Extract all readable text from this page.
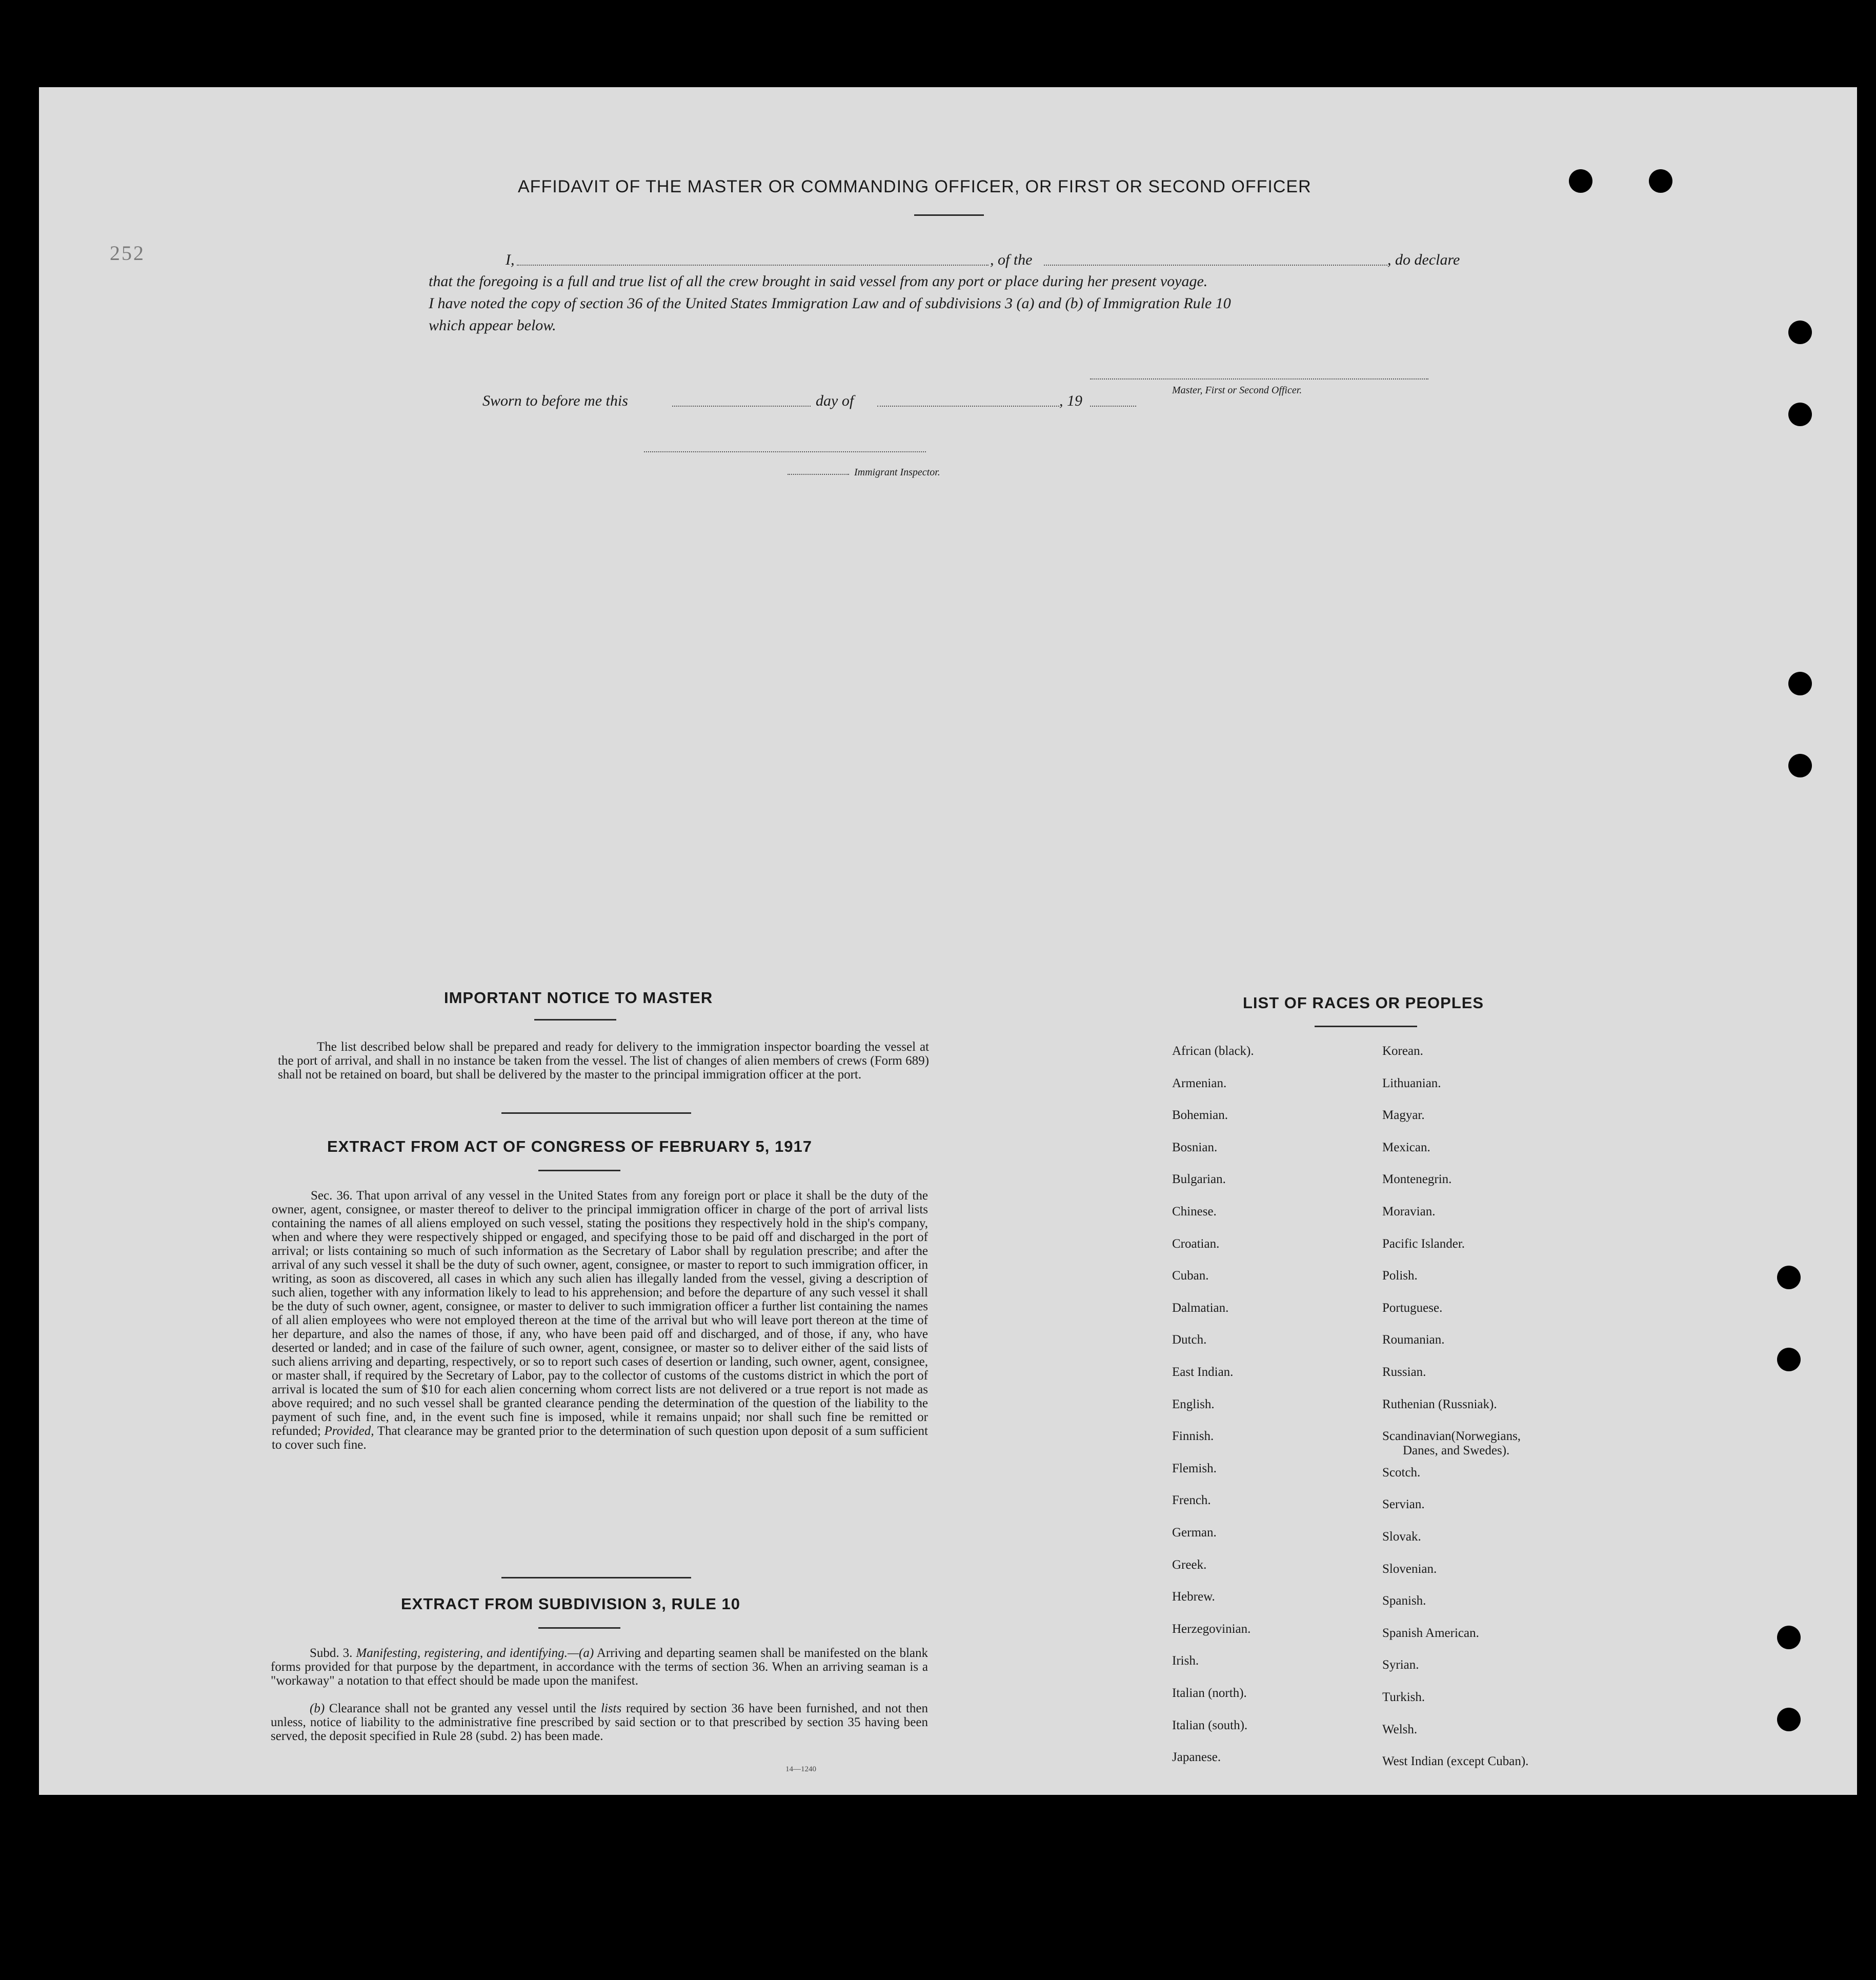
252
AFFIDAVIT OF THE MASTER OR COMMANDING OFFICER, OR FIRST OR SECOND OFFICER
I,	, of the	, do declare
that the foregoing is a full and true list of all the crew brought in said vessel from any port or place during her present voyage.
I have noted the copy of section 36 of the United States Immigration Law and of subdivisions 3 (a) and (b) of Immigration Rule 10
which appear below.
Master, First or Second Officer.
Sworn to before me this	day of	, 19
Immigrant Inspector.
IMPORTANT NOTICE TO MASTER
The list described below shall be prepared and ready for delivery to the immigration inspector boarding the vessel at the port of arrival, and shall in no instance be taken from the vessel. The list of changes of alien members of crews (Form 689) shall not be retained on board, but shall be delivered by the master to the principal immigration officer at the port.
EXTRACT FROM ACT OF CONGRESS OF FEBRUARY 5, 1917
Sec. 36. That upon arrival of any vessel in the United States from any foreign port or place it shall be the duty of the owner, agent, consignee, or master thereof to deliver to the principal immigration officer in charge of the port of arrival lists containing the names of all aliens employed on such vessel, stating the positions they respectively hold in the ship's company, when and where they were respectively shipped or engaged, and specifying those to be paid off and discharged in the port of arrival; or lists containing so much of such information as the Secretary of Labor shall by regulation prescribe; and after the arrival of any such vessel it shall be the duty of such owner, agent, consignee, or master to report to such immigration officer, in writing, as soon as discovered, all cases in which any such alien has illegally landed from the vessel, giving a description of such alien, together with any information likely to lead to his apprehension; and before the departure of any such vessel it shall be the duty of such owner, agent, consignee, or master to deliver to such immigration officer a further list containing the names of all alien employees who were not employed thereon at the time of the arrival but who will leave port thereon at the time of her departure, and also the names of those, if any, who have been paid off and discharged, and of those, if any, who have deserted or landed; and in case of the failure of such owner, agent, consignee, or master so to deliver either of the said lists of such aliens arriving and departing, respectively, or so to report such cases of desertion or landing, such owner, agent, consignee, or master shall, if required by the Secretary of Labor, pay to the collector of customs of the customs district in which the port of arrival is located the sum of $10 for each alien concerning whom correct lists are not delivered or a true report is not made as above required; and no such vessel shall be granted clearance pending the determination of the question of the liability to the payment of such fine, and, in the event such fine is imposed, while it remains unpaid; nor shall such fine be remitted or refunded; Provided, That clearance may be granted prior to the determination of such question upon deposit of a sum sufficient to cover such fine.
EXTRACT FROM SUBDIVISION 3, RULE 10
Subd. 3. Manifesting, registering, and identifying.—(a) Arriving and departing seamen shall be manifested on the blank forms provided for that purpose by the department, in accordance with the terms of section 36. When an arriving seaman is a "workaway" a notation to that effect should be made upon the manifest.
(b) Clearance shall not be granted any vessel until the lists required by section 36 have been furnished, and not then unless, notice of liability to the administrative fine prescribed by said section or to that prescribed by section 35 having been served, the deposit specified in Rule 28 (subd. 2) has been made.
14—1240
LIST OF RACES OR PEOPLES
African (black).
Armenian.
Bohemian.
Bosnian.
Bulgarian.
Chinese.
Croatian.
Cuban.
Dalmatian.
Dutch.
East Indian.
English.
Finnish.
Flemish.
French.
German.
Greek.
Hebrew.
Herzegovinian.
Irish.
Italian (north).
Italian (south).
Japanese.
Korean.
Lithuanian.
Magyar.
Mexican.
Montenegrin.
Moravian.
Pacific Islander.
Polish.
Portuguese.
Roumanian.
Russian.
Ruthenian (Russniak).
Scandinavian(Norwegians,
Danes, and Swedes).
Scotch.
Servian.
Slovak.
Slovenian.
Spanish.
Spanish American.
Syrian.
Turkish.
Welsh.
West Indian (except Cuban).
